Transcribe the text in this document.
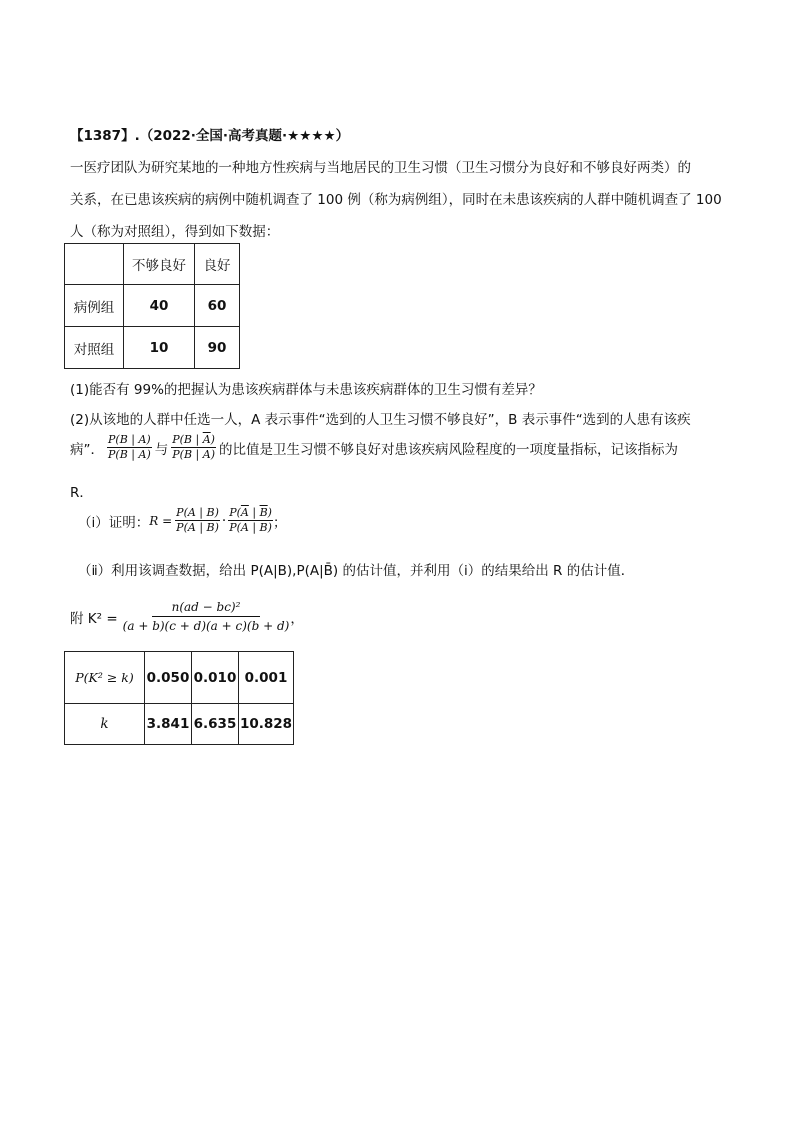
【1387】.（2022·全国·高考真题·★★★★）
一医疗团队为研究某地的一种地方性疾病与当地居民的卫生习惯（卫生习惯分为良好和不够良好两类）的
关系，在已患该疾病的病例中随机调查了 100 例（称为病例组），同时在未患该疾病的人群中随机调查了 100
人（称为对照组），得到如下数据：
	不够良好	良好
病例组	40	60
对照组	10	90
(1)能否有 99%的把握认为患该疾病群体与未患该疾病群体的卫生习惯有差异？
(2)从该地的人群中任选一人，A 表示事件“选到的人卫生习惯不够良好”，B 表示事件“选到的人患有该疾
病”． $\frac{P(B | A)}{P(\overline{B} | A)}$ 与 $\frac{P(B | \overline{A})}{P(\overline{B} | \overline{A})}$ 的比值是卫生习惯不够良好对患该疾病风险程度的一项度量指标，记该指标为
R．
（ⅰ）证明： $R = \frac{P(A | B)}{P(\overline{A} | B)} \cdot \frac{P(\overline{A} | \overline{B})}{P(A | \overline{B})}$ ；
（ⅱ）利用该调查数据，给出 P(A|B),P(A|B̄) 的估计值，并利用（ⅰ）的结果给出 R 的估计值．
附 $K^2 = \frac{\text{n(ad − bc)²}}{(a + b)(c + d)(a + c)(b + d)}$ ，
P(K² ≥ k)	0.050	0.010	0.001
k	3.841	6.635	10.828
